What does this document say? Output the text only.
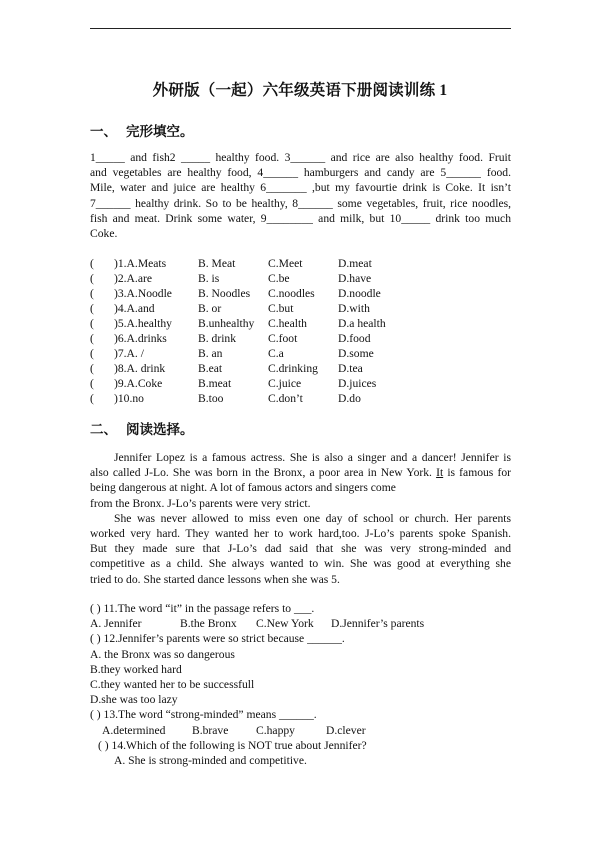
外研版（一起）六年级英语下册阅读训练 1
一、 完形填空。
1_____ and fish2 _____ healthy food. 3______ and rice are also healthy food. Fruit
and vegetables are healthy food, 4______ hamburgers and candy are 5______ food.
Mile, water and juice are healthy 6_______ ,but my favourtie drink is Coke. It isn’t
7______ healthy drink. So to be healthy, 8______ some vegetables, fruit, rice noodles,
fish and meat. Drink some water, 9________ and milk, but 10_____ drink too much
Coke.
( )1.A.Meats	B. Meat	C.Meet	D.meat
( )2.A.are	B. is	C.be	D.have
( )3.A.Noodle B. Noodles C.noodles D.noodle
( )4.A.and	B. or	C.but	D.with
( )5.A.healthy B.unhealthy C.health	D.a health
( )6.A.drinks	B. drink	C.foot	D.food
( )7.A. /	B. an	C.a	D.some
( )8.A. drink	B.eat	C.drinking D.tea
( )9.A.Coke	B.meat	C.juice	D.juices
( )10.no	B.too	C.don’t	D.do
二、 阅读选择。
Jennifer Lopez is a famous actress. She is also a singer and a dancer! Jennifer is
also called J-Lo. She was born in the Bronx, a poor area in New York. It is famous for
being dangerous at night. A lot of famous actors and singers come
from the Bronx. J-Lo’s parents were very strict.
She was never allowed to miss even one day of school or church. Her parents
worked very hard. They wanted her to work hard,too. J-Lo’s parents spoke Spanish.
But they made sure that J-Lo’s dad said that she was very strong-minded and
competitive as a child. She always wanted to win. She was good at everything she
tried to do. She started dance lessons when she was 5.
( ) 11.The word “it” in the passage refers to ___.
A. Jennifer	B.the Bronx C.New York D.Jennifer’s parents
( ) 12.Jennifer’s parents were so strict because ______.
A. the Bronx was so dangerous
B.they worked hard
C.they wanted her to be successfull
D.she was too lazy
( ) 13.The word “strong-minded” means ______.
A.determined B.brave C.happy	D.clever
( ) 14.Which of the following is NOT true about Jennifer?
A. She is strong-minded and competitive.
